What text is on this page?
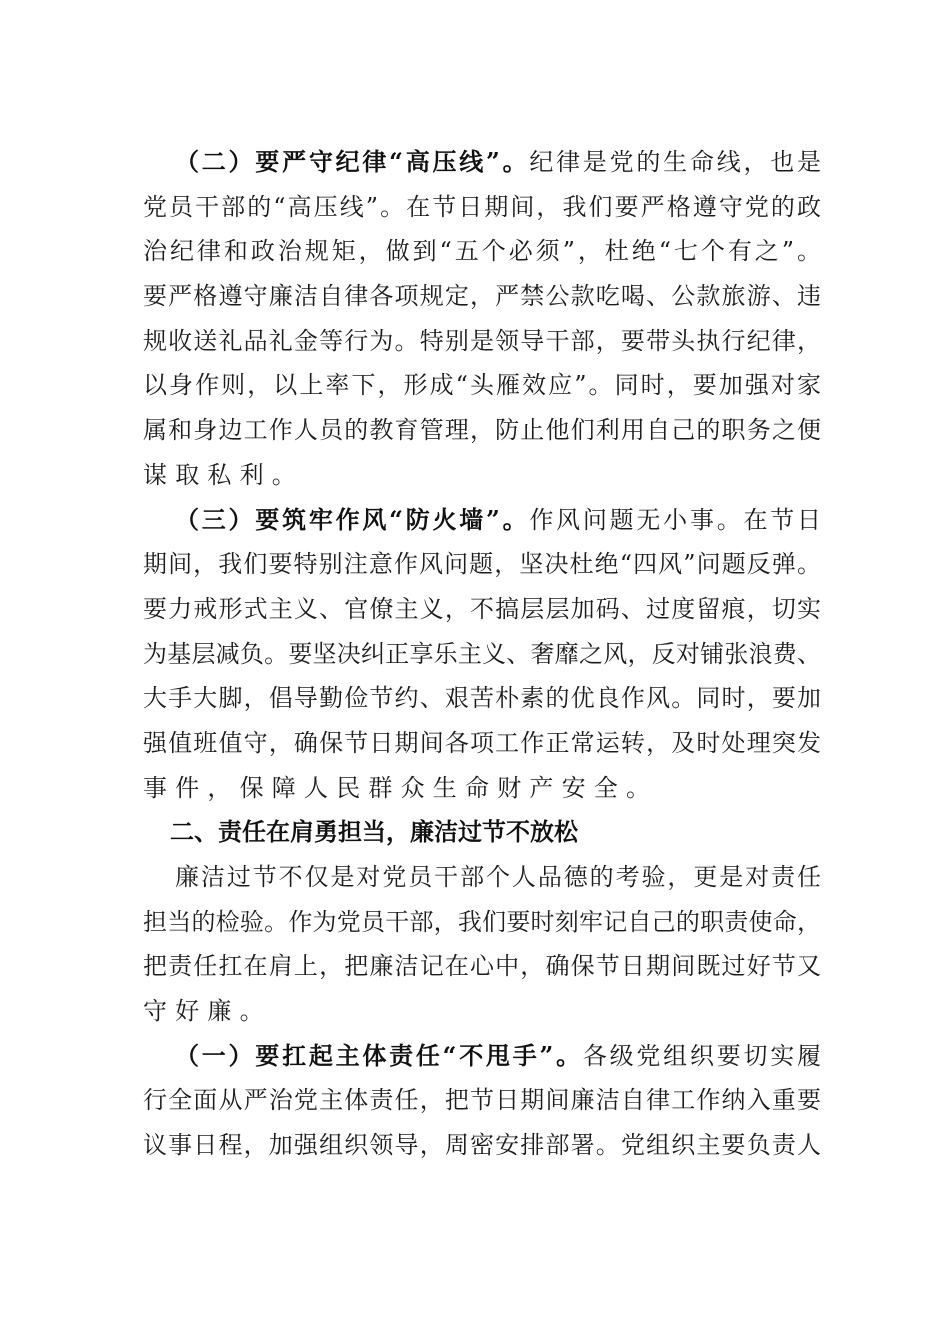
（二）要严守纪律“高压线”。纪律是党的生命线，也是
党员干部的“高压线”。在节日期间，我们要严格遵守党的政
治纪律和政治规矩，做到“五个必须”，杜绝“七个有之”。
要严格遵守廉洁自律各项规定，严禁公款吃喝、公款旅游、违
规收送礼品礼金等行为。特别是领导干部，要带头执行纪律，
以身作则，以上率下，形成“头雁效应”。同时，要加强对家
属和身边工作人员的教育管理，防止他们利用自己的职务之便
谋取私利。
（三）要筑牢作风“防火墙”。作风问题无小事。在节日
期间，我们要特别注意作风问题，坚决杜绝“四风”问题反弹。
要力戒形式主义、官僚主义，不搞层层加码、过度留痕，切实
为基层减负。要坚决纠正享乐主义、奢靡之风，反对铺张浪费、
大手大脚，倡导勤俭节约、艰苦朴素的优良作风。同时，要加
强值班值守，确保节日期间各项工作正常运转，及时处理突发
事件，保障人民群众生命财产安全。
二、责任在肩勇担当，廉洁过节不放松
廉洁过节不仅是对党员干部个人品德的考验，更是对责任
担当的检验。作为党员干部，我们要时刻牢记自己的职责使命，
把责任扛在肩上，把廉洁记在心中，确保节日期间既过好节又
守好廉。
（一）要扛起主体责任“不甩手”。各级党组织要切实履
行全面从严治党主体责任，把节日期间廉洁自律工作纳入重要
议事日程，加强组织领导，周密安排部署。党组织主要负责人
